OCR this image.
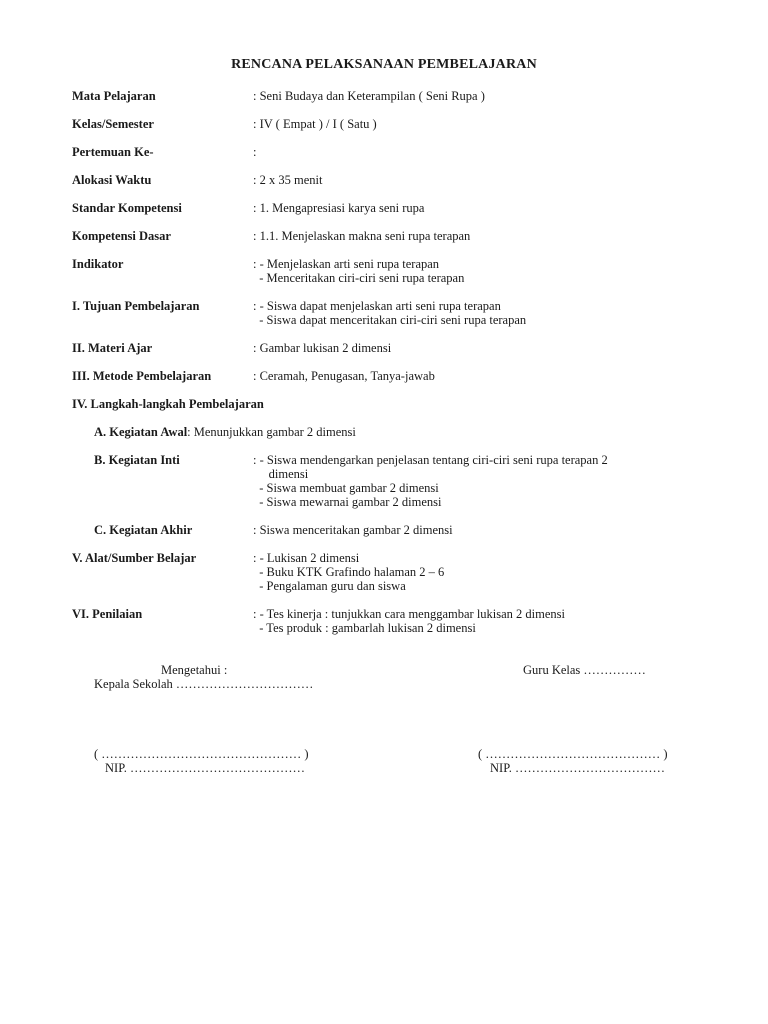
RENCANA PELAKSANAAN PEMBELAJARAN
Mata Pelajaran	: Seni Budaya dan Keterampilan ( Seni Rupa )
Kelas/Semester	: IV ( Empat ) / I ( Satu )
Pertemuan Ke-	:
Alokasi Waktu	: 2 x 35 menit
Standar Kompetensi	: 1. Mengapresiasi karya seni rupa
Kompetensi Dasar	: 1.1. Menjelaskan makna seni rupa terapan
Indikator	: - Menjelaskan arti seni rupa terapan
- Menceritakan ciri-ciri seni rupa terapan
I. Tujuan Pembelajaran	: - Siswa dapat menjelaskan arti seni rupa terapan
- Siswa dapat menceritakan ciri-ciri seni rupa terapan
II. Materi Ajar	: Gambar lukisan 2 dimensi
III. Metode Pembelajaran	: Ceramah, Penugasan, Tanya-jawab
IV. Langkah-langkah Pembelajaran
A. Kegiatan Awal: Menunjukkan gambar 2 dimensi
B. Kegiatan Inti	: - Siswa mendengarkan penjelasan tentang ciri-ciri seni rupa terapan 2
dimensi
- Siswa membuat gambar 2 dimensi
- Siswa mewarnai gambar 2 dimensi
C. Kegiatan Akhir	: Siswa menceritakan gambar 2 dimensi
V. Alat/Sumber Belajar	: - Lukisan 2 dimensi
- Buku KTK Grafindo halaman 2 – 6
- Pengalaman guru dan siswa
VI. Penilaian	: - Tes kinerja : tunjukkan cara menggambar lukisan 2 dimensi
- Tes produk : gambarlah lukisan 2 dimensi
Mengetahui :
Kepala Sekolah ……………………………
Guru Kelas ……………
( ………………………………………… )
NIP. ……………………………………
( …………………………………… )
NIP. ………………………………
